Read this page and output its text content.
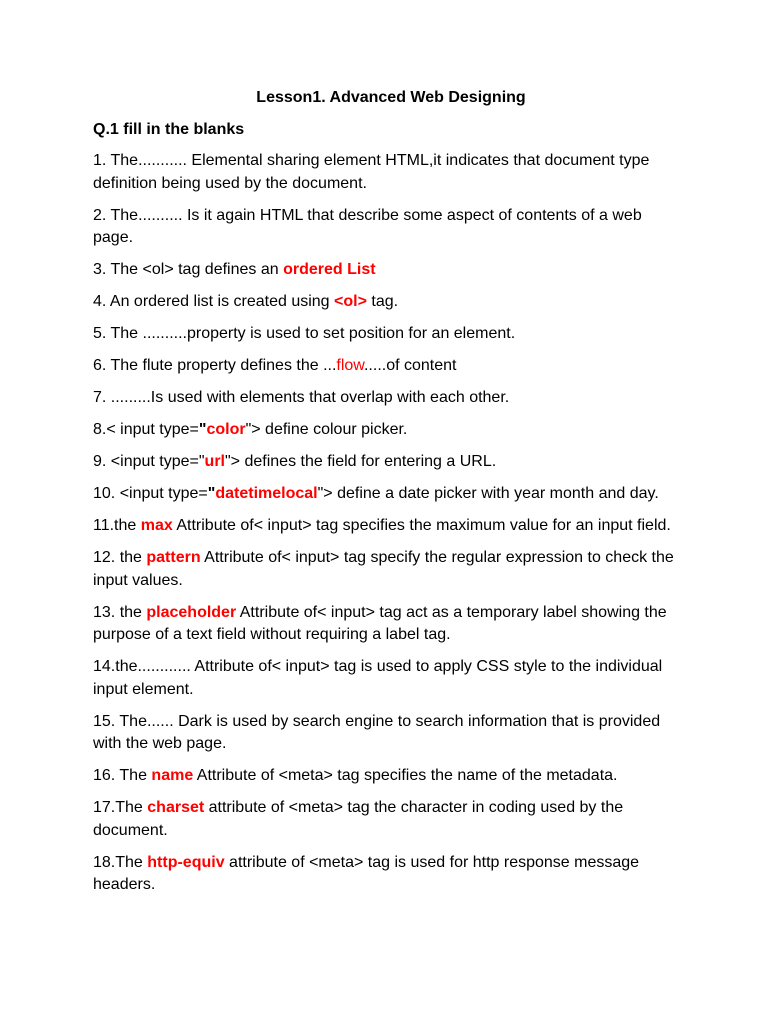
Lesson1. Advanced Web Designing
Q.1 fill in the blanks
1. The........... Elemental sharing element HTML,it indicates that document type definition being used by the document.
2. The.......... Is it again HTML that describe some aspect of contents of a web page.
3. The <ol> tag defines an ordered List
4. An ordered list is created using <ol> tag.
5. The ..........property is used to set position for an element.
6. The flute property defines the ...flow.....of content
7. .........Is used with elements that overlap with each other.
8.< input type="color"> define colour picker.
9. <input type="url"> defines the field for entering a URL.
10. <input type="datetimelocal"> define a date picker with year month and day.
11.the max Attribute of< input> tag specifies the maximum value for an input field.
12. the pattern Attribute of< input> tag specify the regular expression to check the input values.
13. the placeholder Attribute of< input> tag act as a temporary label showing the purpose of a text field without requiring a label tag.
14.the............ Attribute of< input> tag is used to apply CSS style to the individual input element.
15. The...... Dark is used by search engine to search information that is provided with the web page.
16. The name Attribute of <meta> tag specifies the name of the metadata.
17.The charset attribute of <meta> tag the character in coding used by the document.
18.The http-equiv attribute of <meta> tag is used for http response message headers.
